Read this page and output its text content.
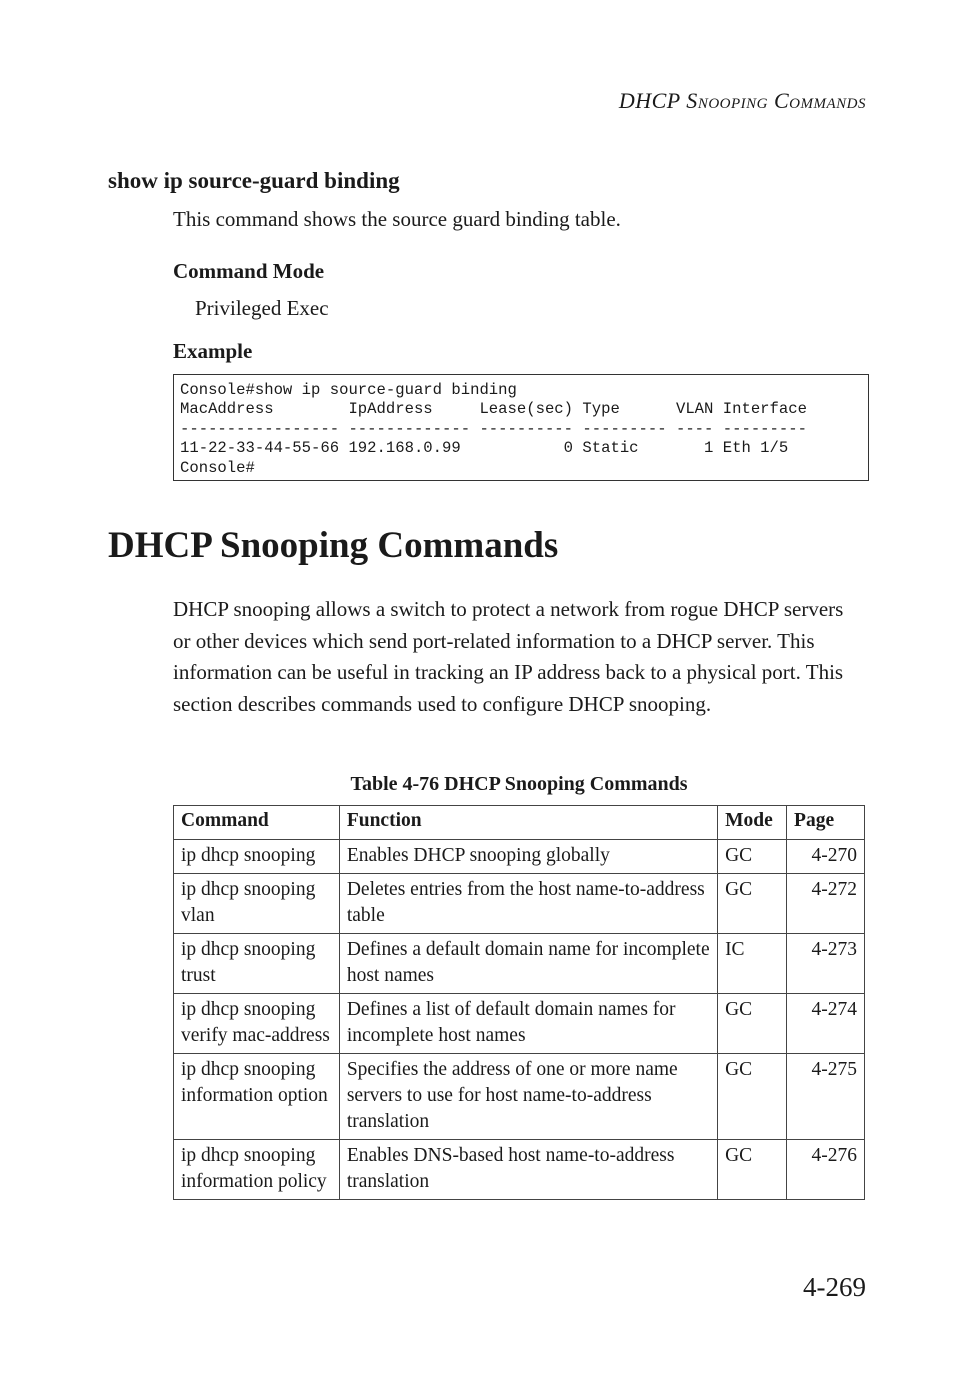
DHCP SNOOPING COMMANDS
show ip source-guard binding
This command shows the source guard binding table.
Command Mode
Privileged Exec
Example
Console#show ip source-guard binding
MacAddress        IpAddress     Lease(sec) Type      VLAN Interface
----------------- ------------- ---------- --------- ---- ---------
11-22-33-44-55-66 192.168.0.99           0 Static       1 Eth 1/5
Console#
DHCP Snooping Commands
DHCP snooping allows a switch to protect a network from rogue DHCP servers or other devices which send port-related information to a DHCP server. This information can be useful in tracking an IP address back to a physical port. This section describes commands used to configure DHCP snooping.
Table 4-76 DHCP Snooping Commands
Command	Function	Mode	Page
ip dhcp snooping	Enables DHCP snooping globally	GC	4-270
ip dhcp snooping vlan	Deletes entries from the host name-to-address table	GC	4-272
ip dhcp snooping trust	Defines a default domain name for incomplete host names	IC	4-273
ip dhcp snooping verify mac-address	Defines a list of default domain names for incomplete host names	GC	4-274
ip dhcp snooping information option	Specifies the address of one or more name servers to use for host name-to-address translation	GC	4-275
ip dhcp snooping information policy	Enables DNS-based host name-to-address translation	GC	4-276
4-269
